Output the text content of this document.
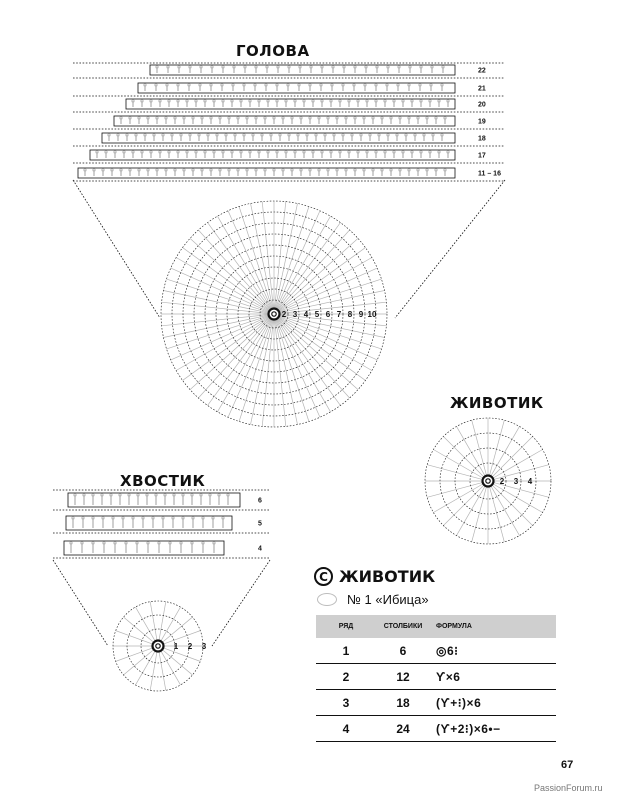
ГОЛОВА
ЖИВОТИК
ХВОСТИК
22
21
20
19
18
17
11 – 16
2 3 4 5 6 7 8 9 10
2 3 4
6
5
4
1 2 3
C ЖИВОТИК
№ 1 «Ибица»
РЯД	СТОЛБИКИ	ФОРМУЛА
1	6	◎6⁝
2	12	ϒ×6
3	18	(ϒ+⁝)×6
4	24	(ϒ+2⁝)×6•−
67
PassionForum.ru
